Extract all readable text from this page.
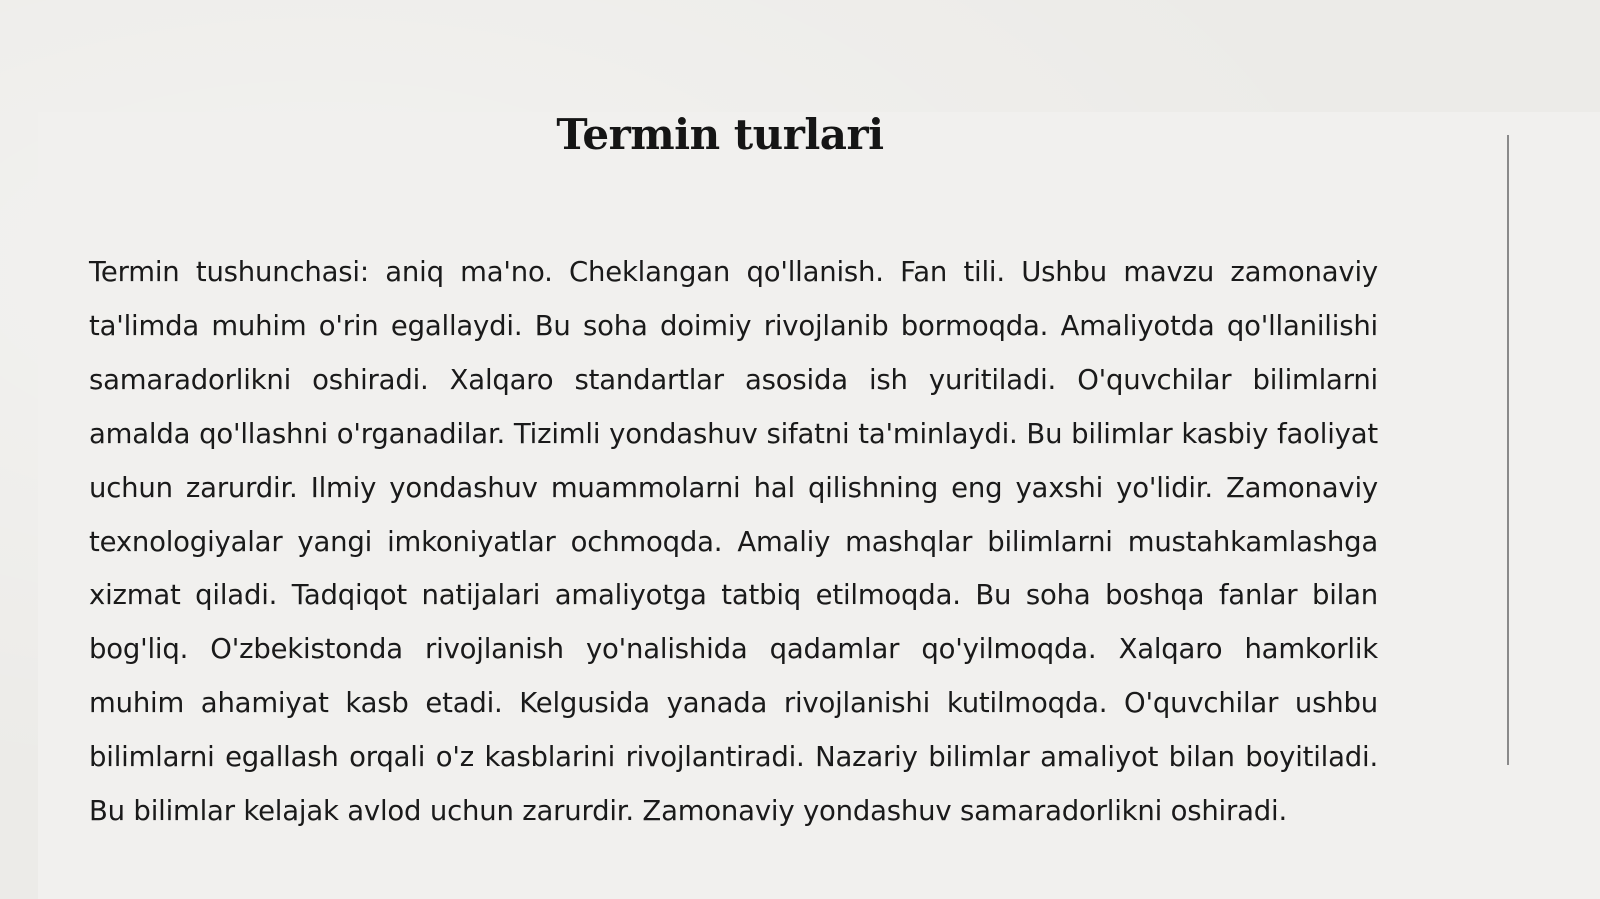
Termin turlari

Termin tushunchasi: aniq ma'no. Cheklangan qo'llanish. Fan tili. Ushbu mavzu zamonaviy ta'limda muhim o'rin egallaydi. Bu soha doimiy rivojlanib bormoqda. Amaliyotda qo'llanilishi samaradorlikni oshiradi. Xalqaro standartlar asosida ish yuritiladi. O'quvchilar bilimlarni amalda qo'llashni o'rganadilar. Tizimli yondashuv sifatni ta'minlaydi. Bu bilimlar kasbiy faoliyat uchun zarurdir. Ilmiy yondashuv muammolarni hal qilishning eng yaxshi yo'lidir. Zamonaviy texnologiyalar yangi imkoniyatlar ochmoqda. Amaliy mashqlar bilimlarni mustahkamlashga xizmat qiladi. Tadqiqot natijalari amaliyotga tatbiq etilmoqda. Bu soha boshqa fanlar bilan bog'liq. O'zbekistonda rivojlanish yo'nalishida qadamlar qo'yilmoqda. Xalqaro hamkorlik muhim ahamiyat kasb etadi. Kelgusida yanada rivojlanishi kutilmoqda. O'quvchilar ushbu bilimlarni egallash orqali o'z kasblarini rivojlantiradi. Nazariy bilimlar amaliyot bilan boyitiladi. Bu bilimlar kelajak avlod uchun zarurdir. Zamonaviy yondashuv samaradorlikni oshiradi.
